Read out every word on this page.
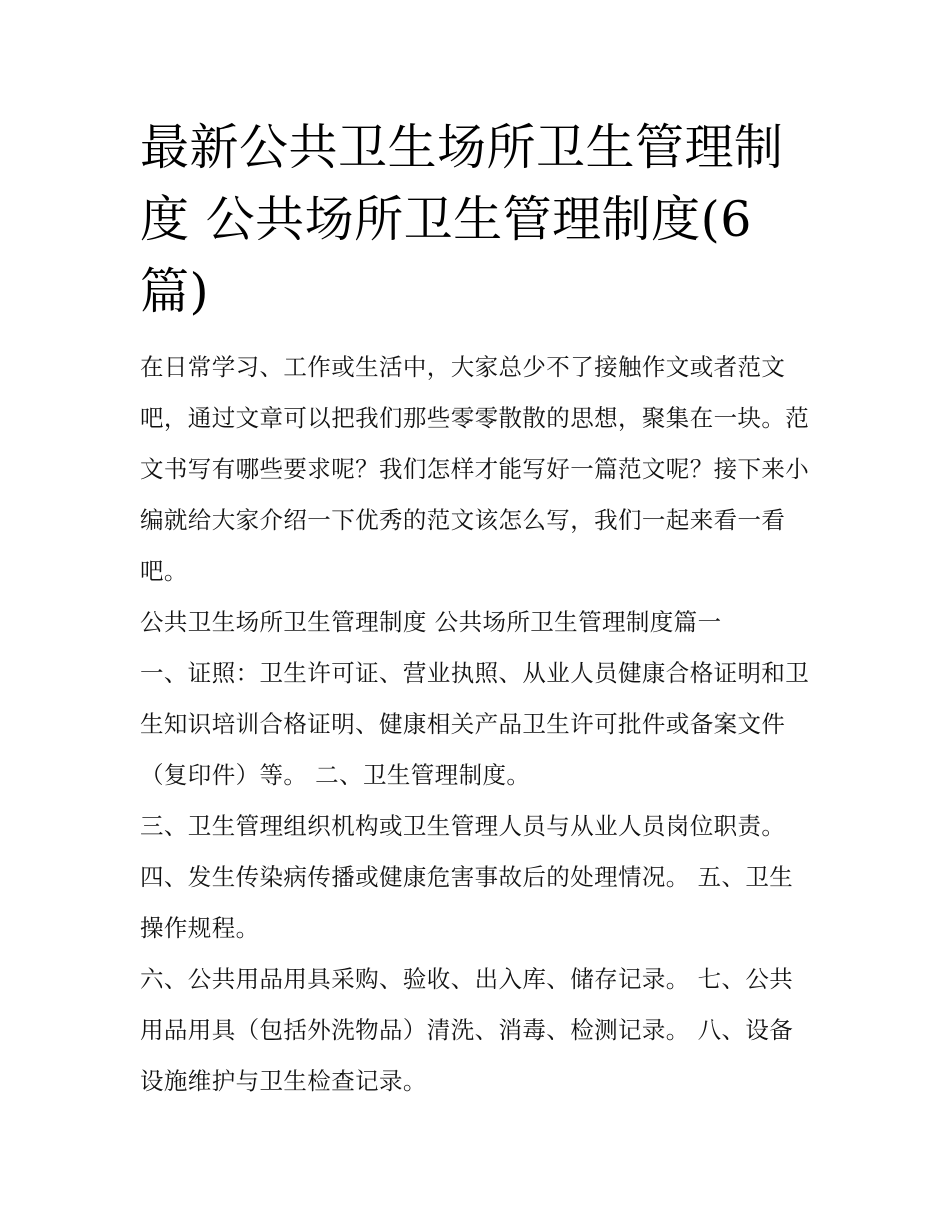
最新公共卫生场所卫生管理制度 公共场所卫生管理制度(6篇)

在日常学习、工作或生活中，大家总少不了接触作文或者范文吧，通过文章可以把我们那些零零散散的思想，聚集在一块。范文书写有哪些要求呢？我们怎样才能写好一篇范文呢？接下来小编就给大家介绍一下优秀的范文该怎么写，我们一起来看一看吧。

公共卫生场所卫生管理制度 公共场所卫生管理制度篇一

一、证照：卫生许可证、营业执照、从业人员健康合格证明和卫生知识培训合格证明、健康相关产品卫生许可批件或备案文件（复印件）等。 二、卫生管理制度。

三、卫生管理组织机构或卫生管理人员与从业人员岗位职责。

四、发生传染病传播或健康危害事故后的处理情况。 五、卫生操作规程。

六、公共用品用具采购、验收、出入库、储存记录。 七、公共用品用具（包括外洗物品）清洗、消毒、检测记录。 八、设备设施维护与卫生检查记录。
